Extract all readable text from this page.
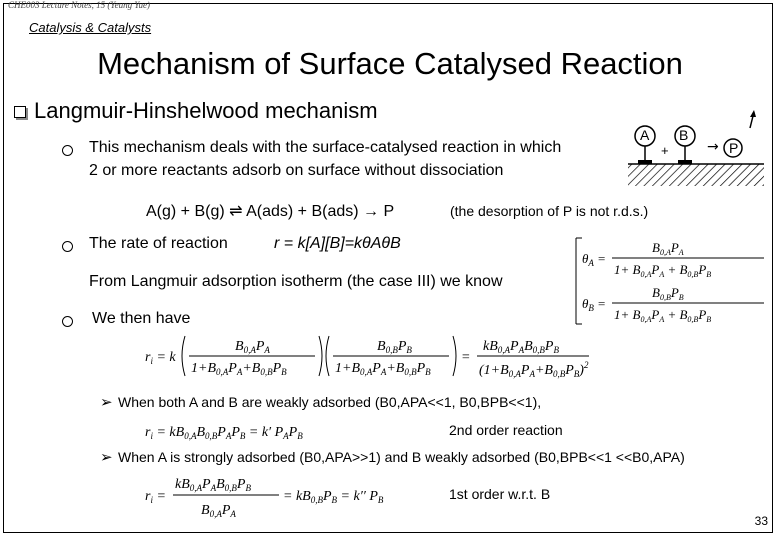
CHE003 Lecture Notes, 15 (Yeung Yue)
Catalysis & Catalysts
Mechanism of Surface Catalysed Reaction
Langmuir-Hinshelwood mechanism
This mechanism deals with the surface-catalysed reaction in which
2 or more reactants adsorb on surface without dissociation
A(g) + B(g) ⇌ A(ads) + B(ads) → P	(the desorption of P is not r.d.s.)
A B
+	→ P
The rate of reaction	r = k[A][B]=kθAθB
$\theta_A$ =
$B_{0,A}P_A$
$1+ B_{0,A}P_A + B_{0,B}P_B$
$\theta_B$ =
$B_{0,B}P_B$
$1+ B_{0,A}P_A + B_{0,B}P_B$
From Langmuir adsorption isotherm (the case III) we know
We then have
$r_i = k$
$B_{0,A}P_A$
$1+B_{0,A}P_A+B_{0,B}P_B$
$B_{0,B}P_B$
$1+B_{0,A}P_A+B_{0,B}P_B$
=
$kB_{0,A}P_AB_{0,B}P_B$
$(1+B_{0,A}P_A+B_{0,B}P_B)^2$
➢ When both A and B are weakly adsorbed (B0,APA<<1, B0,BPB<<1),
$r_i = kB_{0,A}B_{0,B}P_AP_B = k'$ $P_AP_B$	2nd order reaction
➢ When A is strongly adsorbed (B0,APA>>1) and B weakly adsorbed (B0,BPB<<1 <<B0,APA)
$r_i$ =
$kB_{0,A}P_AB_{0,B}P_B$
$B_{0,A}P_A$
= $kB_{0,B}P_B = k''$ $P_B$	1st order w.r.t. B
33
